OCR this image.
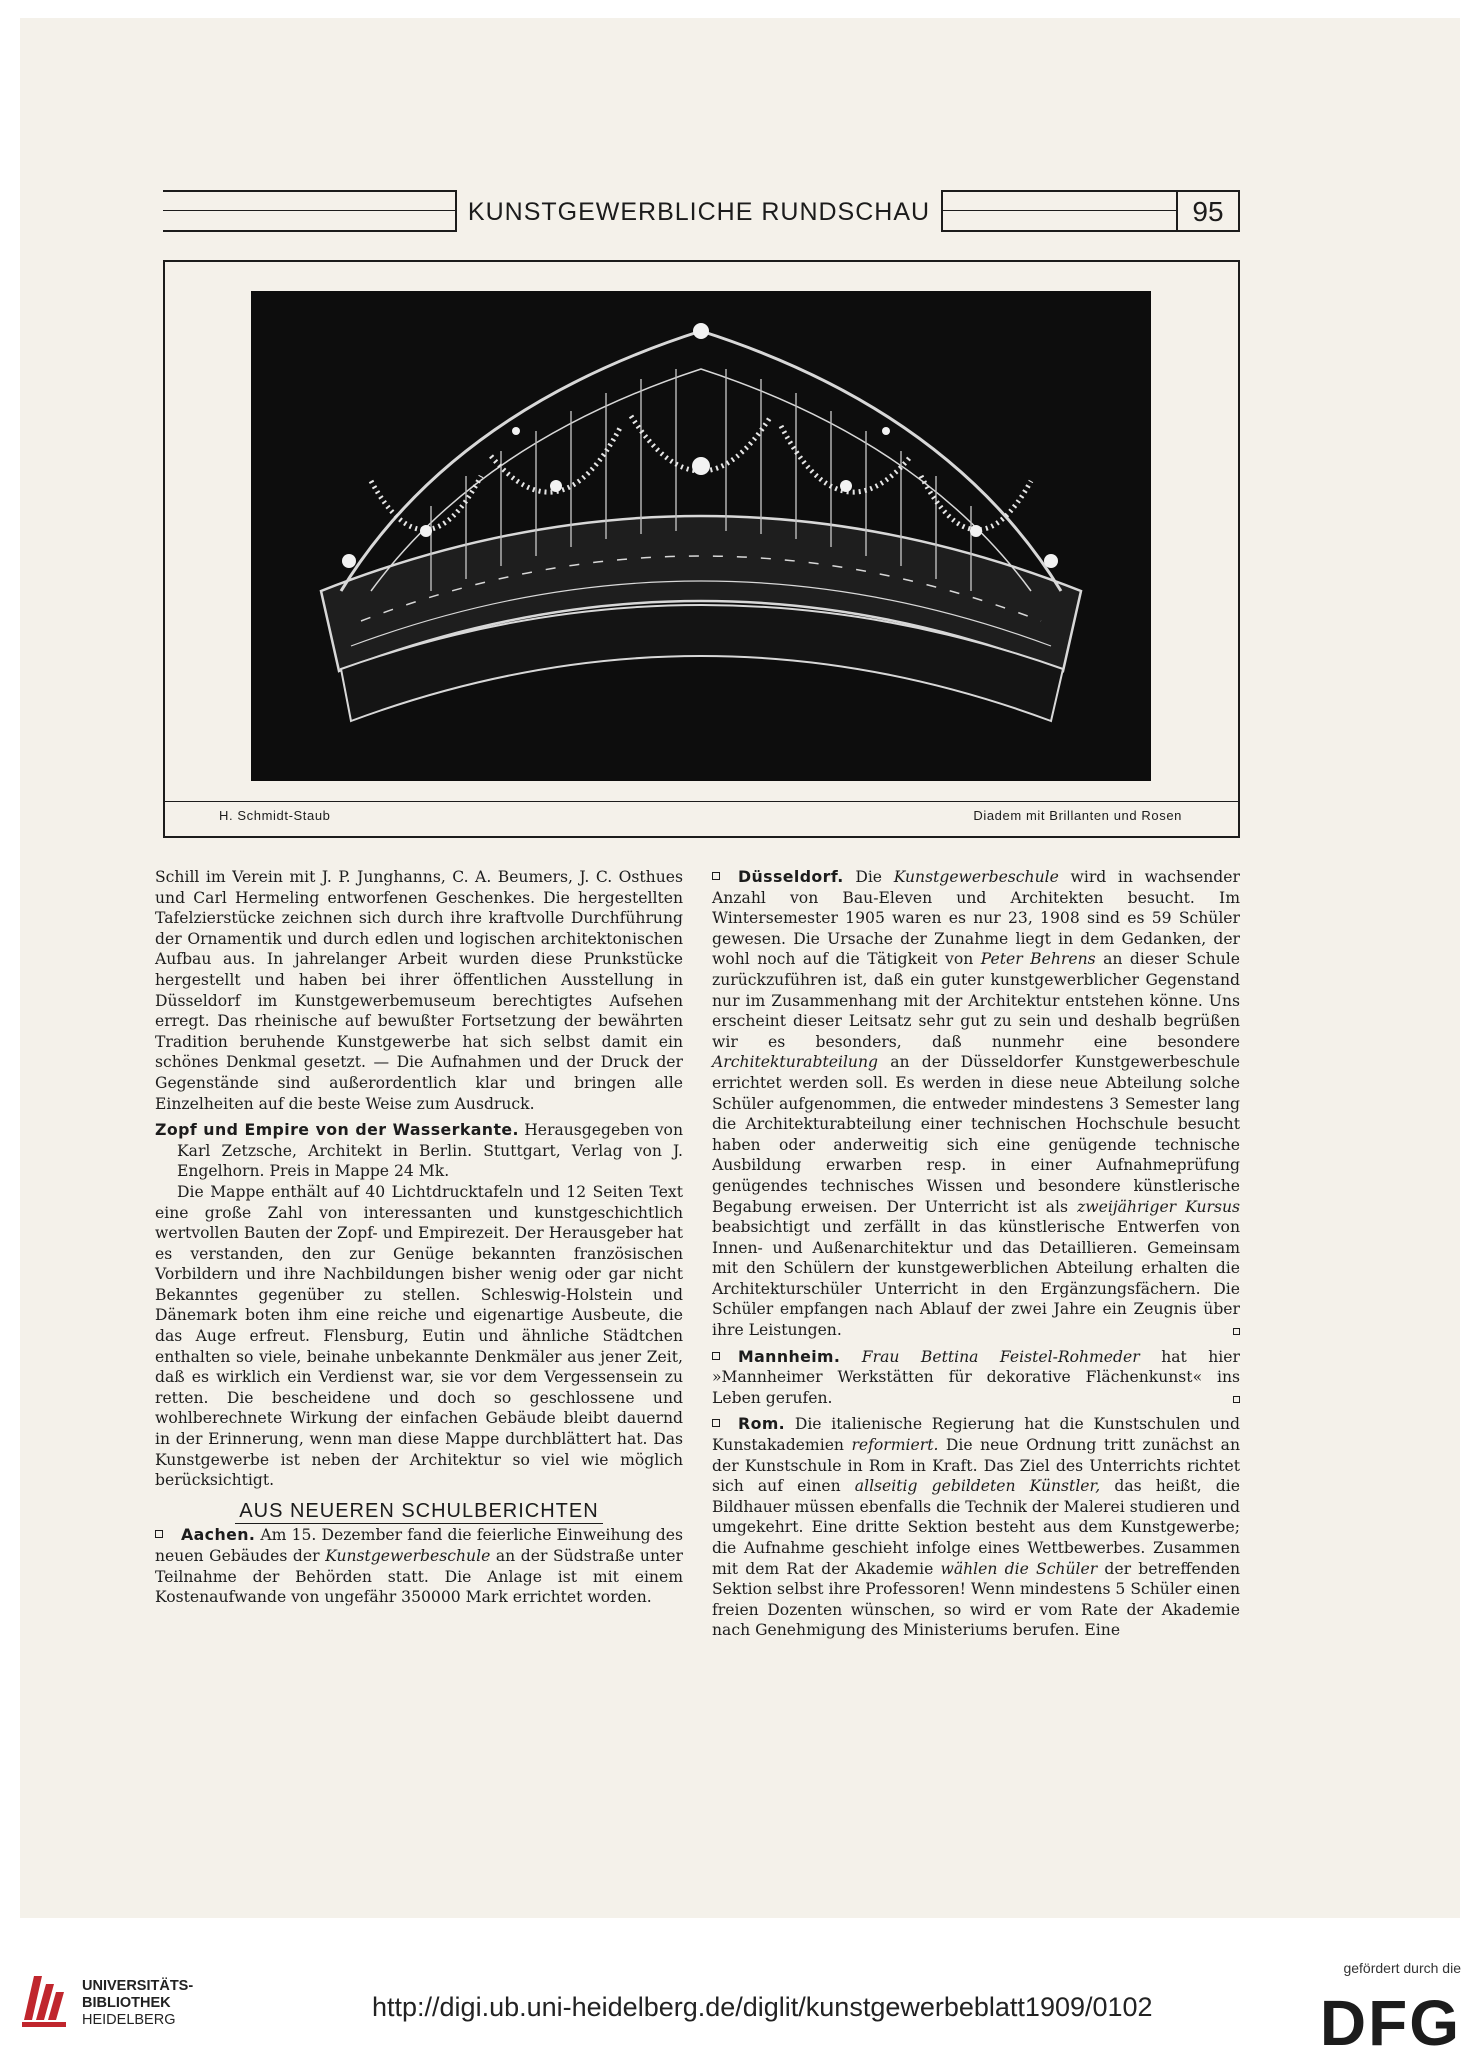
KUNSTGEWERBLICHE RUNDSCHAU	95
H. Schmidt-Staub	Diadem mit Brillanten und Rosen

Schill im Verein mit J. P. Junghanns, C. A. Beumers, J. C. Osthues und Carl Hermeling entworfenen Geschenkes. Die hergestellten Tafelzierstücke zeichnen sich durch ihre kraftvolle Durchführung der Ornamentik und durch edlen und logischen architektonischen Aufbau aus. In jahrelanger Arbeit wurden diese Prunkstücke hergestellt und haben bei ihrer öffentlichen Ausstellung in Düsseldorf im Kunstgewerbemuseum berechtigtes Aufsehen erregt. Das rheinische auf bewußter Fortsetzung der bewährten Tradition beruhende Kunstgewerbe hat sich selbst damit ein schönes Denkmal gesetzt. — Die Aufnahmen und der Druck der Gegenstände sind außerordentlich klar und bringen alle Einzelheiten auf die beste Weise zum Ausdruck.

Zopf und Empire von der Wasserkante. Herausgegeben von Karl Zetzsche, Architekt in Berlin. Stuttgart, Verlag von J. Engelhorn. Preis in Mappe 24 Mk.

Die Mappe enthält auf 40 Lichtdrucktafeln und 12 Seiten Text eine große Zahl von interessanten und kunstgeschichtlich wertvollen Bauten der Zopf- und Empirezeit. Der Herausgeber hat es verstanden, den zur Genüge bekannten französischen Vorbildern und ihre Nachbildungen bisher wenig oder gar nicht Bekanntes gegenüber zu stellen. Schleswig-Holstein und Dänemark boten ihm eine reiche und eigenartige Ausbeute, die das Auge erfreut. Flensburg, Eutin und ähnliche Städtchen enthalten so viele, beinahe unbekannte Denkmäler aus jener Zeit, daß es wirklich ein Verdienst war, sie vor dem Vergessensein zu retten. Die bescheidene und doch so geschlossene und wohlberechnete Wirkung der einfachen Gebäude bleibt dauernd in der Erinnerung, wenn man diese Mappe durchblättert hat. Das Kunstgewerbe ist neben der Architektur so viel wie möglich berücksichtigt.

AUS NEUEREN SCHULBERICHTEN

Aachen. Am 15. Dezember fand die feierliche Einweihung des neuen Gebäudes der Kunstgewerbeschule an der Südstraße unter Teilnahme der Behörden statt. Die Anlage ist mit einem Kostenaufwande von ungefähr 350000 Mark errichtet worden.

Düsseldorf. Die Kunstgewerbeschule wird in wachsender Anzahl von Bau-Eleven und Architekten besucht. Im Wintersemester 1905 waren es nur 23, 1908 sind es 59 Schüler gewesen. Die Ursache der Zunahme liegt in dem Gedanken, der wohl noch auf die Tätigkeit von Peter Behrens an dieser Schule zurückzuführen ist, daß ein guter kunstgewerblicher Gegenstand nur im Zusammenhang mit der Architektur entstehen könne. Uns erscheint dieser Leitsatz sehr gut zu sein und deshalb begrüßen wir es besonders, daß nunmehr eine besondere Architekturabteilung an der Düsseldorfer Kunstgewerbeschule errichtet werden soll. Es werden in diese neue Abteilung solche Schüler aufgenommen, die entweder mindestens 3 Semester lang die Architekturabteilung einer technischen Hochschule besucht haben oder anderweitig sich eine genügende technische Ausbildung erwarben resp. in einer Aufnahmeprüfung genügendes technisches Wissen und besondere künstlerische Begabung erweisen. Der Unterricht ist als zweijähriger Kursus beabsichtigt und zerfällt in das künstlerische Entwerfen von Innen- und Außenarchitektur und das Detaillieren. Gemeinsam mit den Schülern der kunstgewerblichen Abteilung erhalten die Architekturschüler Unterricht in den Ergänzungsfächern. Die Schüler empfangen nach Ablauf der zwei Jahre ein Zeugnis über ihre Leistungen.

Mannheim. Frau Bettina Feistel-Rohmeder hat hier »Mannheimer Werkstätten für dekorative Flächenkunst« ins Leben gerufen.

Rom. Die italienische Regierung hat die Kunstschulen und Kunstakademien reformiert. Die neue Ordnung tritt zunächst an der Kunstschule in Rom in Kraft. Das Ziel des Unterrichts richtet sich auf einen allseitig gebildeten Künstler, das heißt, die Bildhauer müssen ebenfalls die Technik der Malerei studieren und umgekehrt. Eine dritte Sektion besteht aus dem Kunstgewerbe; die Aufnahme geschieht infolge eines Wettbewerbes. Zusammen mit dem Rat der Akademie wählen die Schüler der betreffenden Sektion selbst ihre Professoren! Wenn mindestens 5 Schüler einen freien Dozenten wünschen, so wird er vom Rate der Akademie nach Genehmigung des Ministeriums berufen. Eine

UNIVERSITÄTS-
BIBLIOTHEK
HEIDELBERG	http://digi.ub.uni-heidelberg.de/diglit/kunstgewerbeblatt1909/0102
gefördert durch die
DFG
